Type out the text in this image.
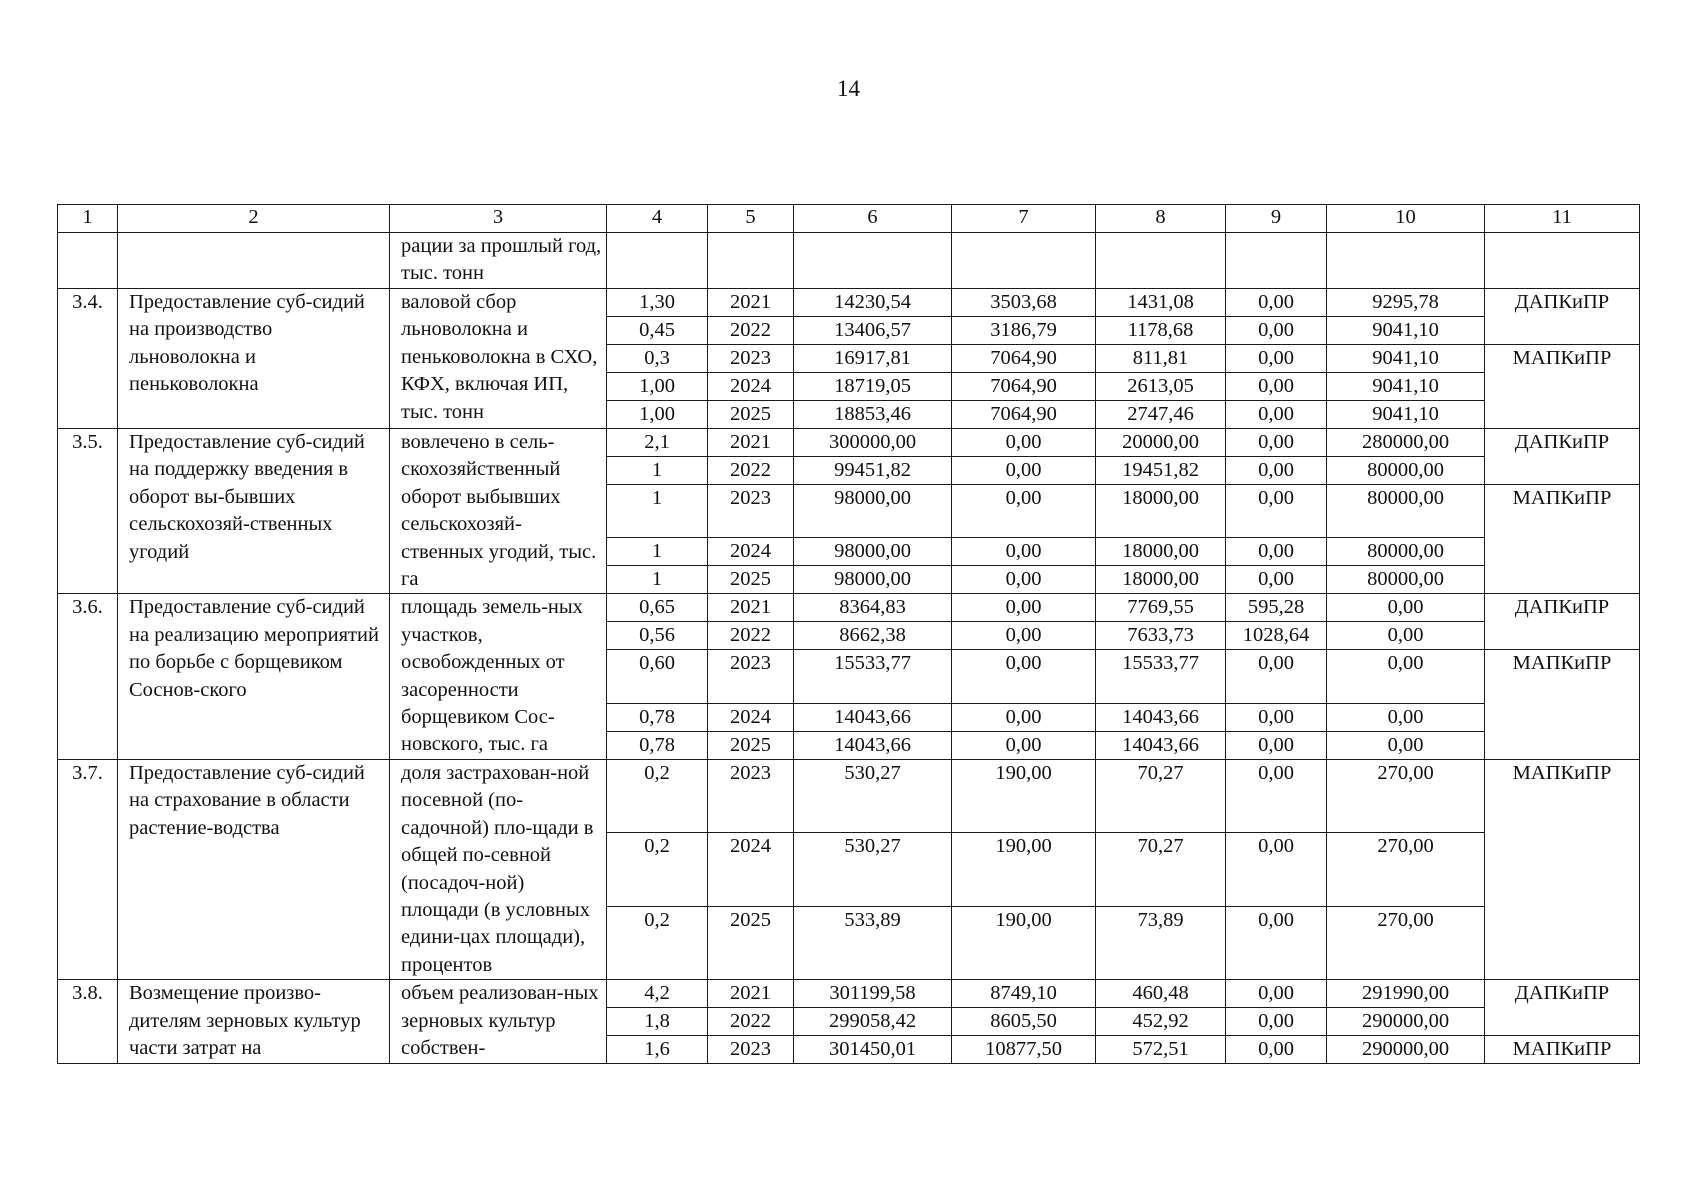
14
1	2	3	4	5	6	7	8	9	10	11
		рации за прошлый год, тыс. тонн								
3.4.	Предоставление суб-сидий на производство льноволокна и пеньковолокна	валовой сбор льноволокна и пеньковолокна в СХО, КФХ, включая ИП, тыс. тонн	1,30	2021	14230,54	3503,68	1431,08	0,00	9295,78	ДАПКиПР
			0,45	2022	13406,57	3186,79	1178,68	0,00	9041,10	
			0,3	2023	16917,81	7064,90	811,81	0,00	9041,10	МАПКиПР
			1,00	2024	18719,05	7064,90	2613,05	0,00	9041,10	
			1,00	2025	18853,46	7064,90	2747,46	0,00	9041,10	
3.5.	Предоставление суб-сидий на поддержку введения в оборот вы-бывших сельскохозяй-ственных угодий	вовлечено в сель-скохозяйственный оборот выбывших сельскохозяй-ственных угодий, тыс. га	2,1	2021	300000,00	0,00	20000,00	0,00	280000,00	ДАПКиПР
			1	2022	99451,82	0,00	19451,82	0,00	80000,00	
			1	2023	98000,00	0,00	18000,00	0,00	80000,00	МАПКиПР
			1	2024	98000,00	0,00	18000,00	0,00	80000,00	
			1	2025	98000,00	0,00	18000,00	0,00	80000,00	

3.6.	Предоставление суб-сидий на реализацию мероприятий по борьбе с борщевиком Соснов-ского	площадь земель-ных участков, освобожденных от засоренности борщевиком Сос-новского, тыс. га	0,65	2021	8364,83	0,00	7769,55	595,28	0,00	ДАПКиПР
			0,56	2022	8662,38	0,00	7633,73	1028,64	0,00	
			0,60	2023	15533,77	0,00	15533,77	0,00	0,00	МАПКиПР
			0,78	2024	14043,66	0,00	14043,66	0,00	0,00	
			0,78	2025	14043,66	0,00	14043,66	0,00	0,00	

3.7.	Предоставление суб-сидий на страхование в области растение-водства	доля застрахован-ной посевной (по-садочной) пло-щади в общей по-севной (посадоч-ной) площади (в условных едини-цах площади), процентов	0,2	2023	530,27	190,00	70,27	0,00	270,00	МАПКиПР
			0,2	2024	530,27	190,00	70,27	0,00	270,00	
			0,2	2025	533,89	190,00	73,89	0,00	270,00	

3.8.	Возмещение произво-дителям зерновых культур части затрат на	объем реализован-ных зерновых культур собствен-	4,2	2021	301199,58	8749,10	460,48	0,00	291990,00	ДАПКиПР
			1,8	2022	299058,42	8605,50	452,92	0,00	290000,00	
			1,6	2023	301450,01	10877,50	572,51	0,00	290000,00	МАПКиПР
